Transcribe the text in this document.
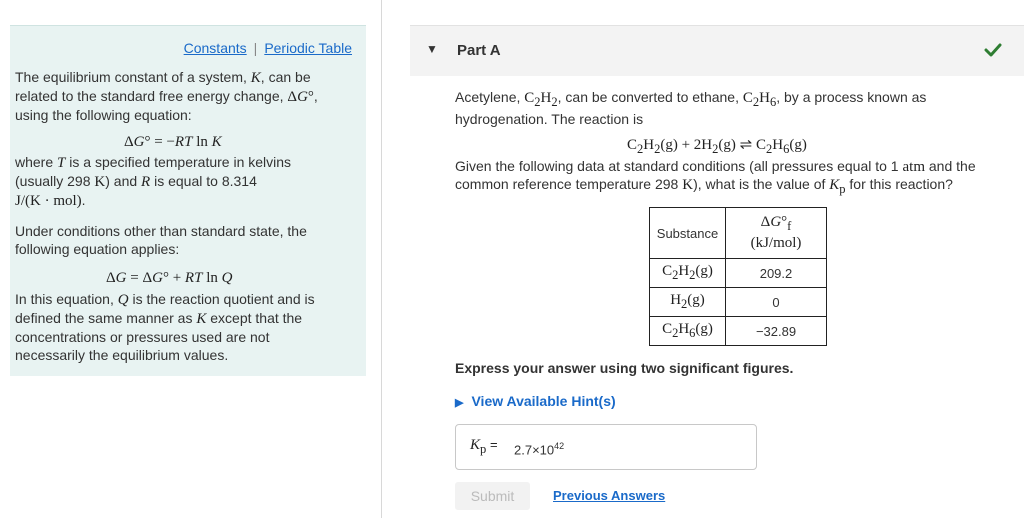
Constants | Periodic Table
The equilibrium constant of a system, K, can be related to the standard free energy change, ΔG°, using the following equation:
ΔG° = −RT ln K
where T is a specified temperature in kelvins (usually 298 K) and R is equal to 8.314
J/(K · mol).
Under conditions other than standard state, the following equation applies:
ΔG = ΔG° + RT ln Q
In this equation, Q is the reaction quotient and is defined the same manner as K except that the concentrations or pressures used are not necessarily the equilibrium values.
▼ Part A
Acetylene, $C_2H_2$, can be converted to ethane, $C_2H_6$, by a process known as hydrogenation. The reaction is
$C_2H_2(g) + 2H_2(g)$ ⇌ $C_2H_6(g)$
Given the following data at standard conditions (all pressures equal to 1 atm and the common reference temperature 298 K), what is the value of $K_p$ for this reaction?
Substance	$\Delta G^\circ_f$
(kJ/mol)
$C_2H_2(g)$	209.2
$H_2(g)$	0
$C_2H_6(g)$	−32.89
Express your answer using two significant figures.
▶ View Available Hint(s)
$K_p = 2.7\times 10^{42}$
Submit	Previous Answers
